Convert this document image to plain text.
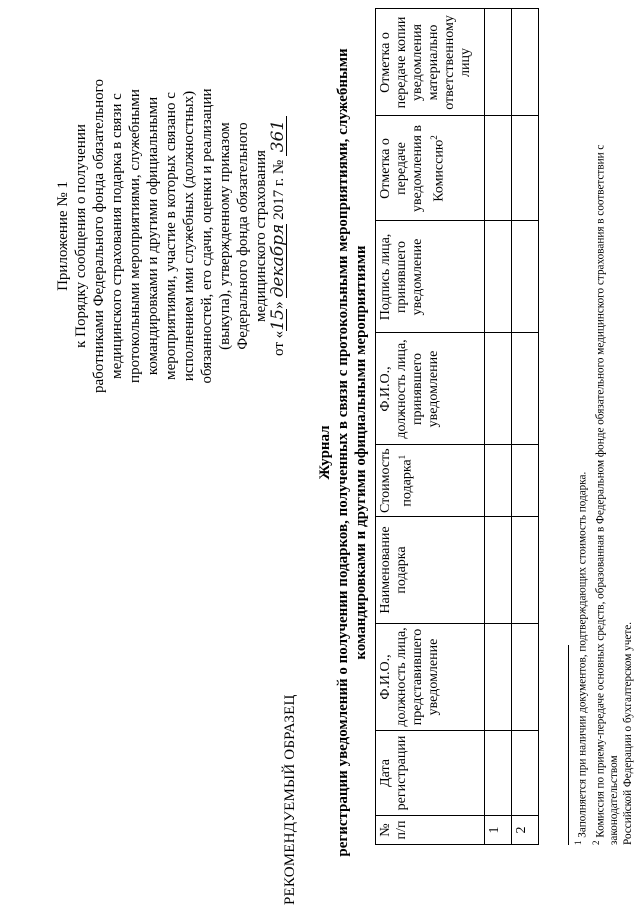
Приложение № 1 к Порядку сообщения о получении работниками Федерального фонда обязательного медицинского страхования подарка в связи с протокольными мероприятиями, служебными командировками и другими официальными мероприятиями, участие в которых связано с исполнением ими служебных (должностных) обязанностей, его сдачи, оценки и реализации (выкупа), утвержденному приказом Федерального фонда обязательного медицинского страхования
от «15» декабря 2017 г. № 361
РЕКОМЕНДУЕМЫЙ ОБРАЗЕЦ
Журнал регистрации уведомлений о получении подарков, полученных в связи с протокольными мероприятиями, служебными командировками и другими официальными мероприятиями
№ п/п	Дата регистрации	Ф.И.О., должность лица, представившего уведомление	Наименование подарка	Стоимость подарка$^1$	Ф.И.О., должность лица, принявшего уведомление	Подпись лица, принявшего уведомление	Отметка о передаче уведомления в Комиссию$^2$	Отметка о передаче копии уведомления материально ответственному лицу
1								
2								
$^1$ Заполняется при наличии документов, подтверждающих стоимость подарка.
$^2$ Комиссия по приему-передаче основных средств, образованная в Федеральном фонде обязательного медицинского страхования в соответствии с законодательством Российской Федерации о бухгалтерском учете.
